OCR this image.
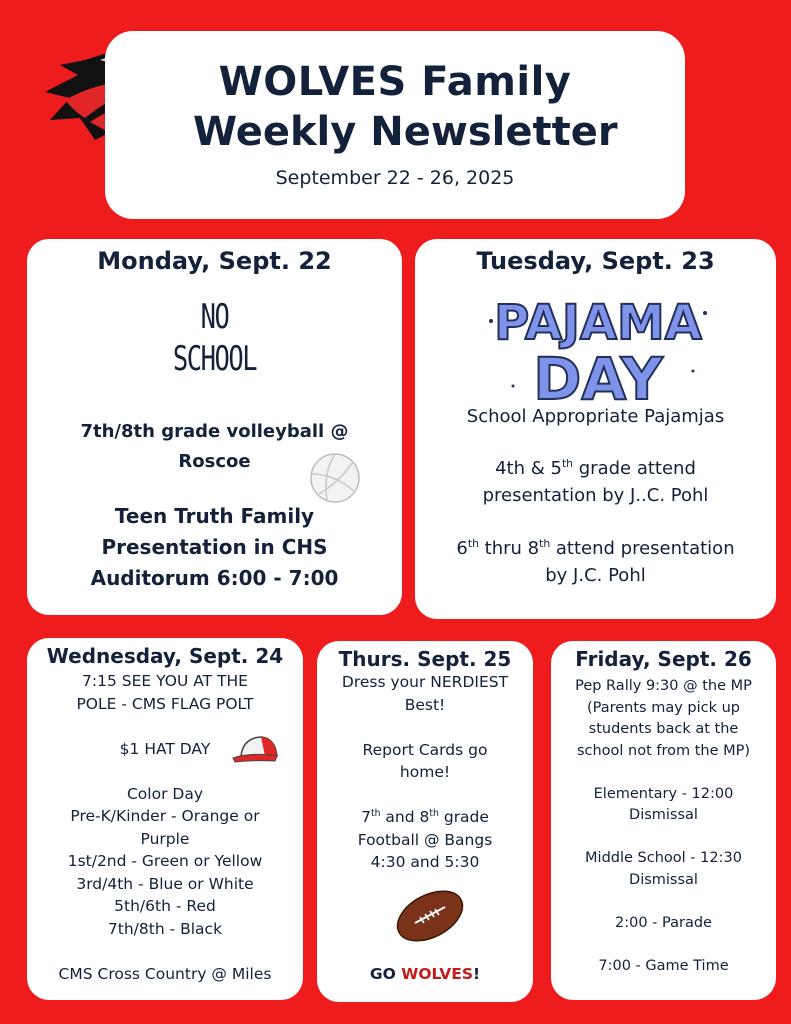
WOLVES Family
Weekly Newsletter
September 22 - 26, 2025
Monday, Sept. 22
NO
SCHOOL
7th/8th grade volleyball @
Roscoe
Teen Truth Family
Presentation in CHS
Auditorum 6:00 - 7:00
Tuesday, Sept. 23
PAJAMA
DAY
School Appropriate Pajamjas
4th & 5th grade attend
presentation by J..C. Pohl
6th thru 8th attend presentation
by J.C. Pohl
Wednesday, Sept. 24
7:15 SEE YOU AT THE
POLE - CMS FLAG POLT
$1 HAT DAY
Color Day
Pre-K/Kinder - Orange or
Purple
1st/2nd - Green or Yellow
3rd/4th - Blue or White
5th/6th - Red
7th/8th - Black
CMS Cross Country @ Miles
Thurs. Sept. 25
Dress your NERDIEST
Best!
Report Cards go
home!
7th and 8th grade
Football @ Bangs
4:30 and 5:30
GO WOLVES!
Friday, Sept. 26
Pep Rally 9:30 @ the MP
(Parents may pick up
students back at the
school not from the MP)
Elementary - 12:00
Dismissal
Middle School - 12:30
Dismissal
2:00 - Parade
7:00 - Game Time
